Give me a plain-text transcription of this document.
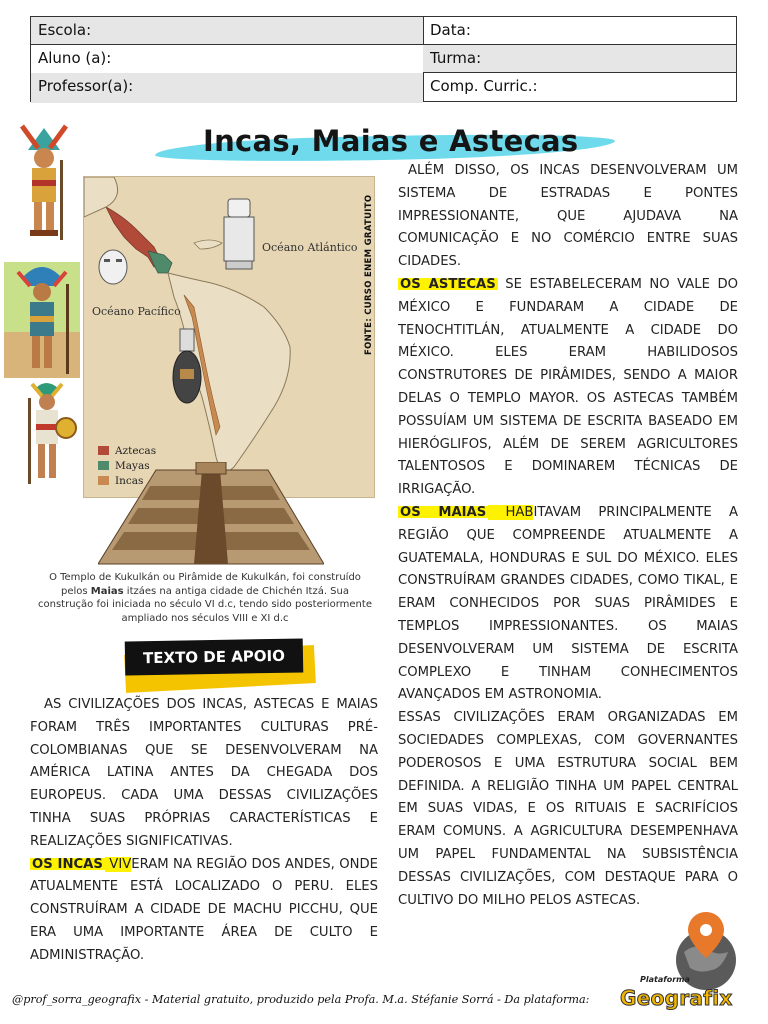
Escola:
Aluno (a):
Professor(a):
Data:
Turma:
Comp. Curric.:
Incas, Maias e Astecas
Océano Atlántico
Océano Pacífico
Aztecas
Mayas
Incas
FONTE: CURSO ENEM GRATUITO
O Templo de Kukulkán ou Pirâmide de Kukulkán, foi construído pelos Maias itzáes na antiga cidade de Chichén Itzá. Sua construção foi iniciada no século VI d.c, tendo sido posteriormente ampliado nos séculos VIII e XI d.c
TEXTO DE APOIO

AS CIVILIZAÇÕES DOS INCAS, ASTECAS E MAIAS FORAM TRÊS IMPORTANTES CULTURAS PRÉ-COLOMBIANAS QUE SE DESENVOLVERAM NA AMÉRICA LATINA ANTES DA CHEGADA DOS EUROPEUS. CADA UMA DESSAS CIVILIZAÇÕES TINHA SUAS PRÓPRIAS CARACTERÍSTICAS E REALIZAÇÕES SIGNIFICATIVAS.

OS INCAS VIVERAM NA REGIÃO DOS ANDES, ONDE ATUALMENTE ESTÁ LOCALIZADO O PERU. ELES CONSTRUÍRAM A CIDADE DE MACHU PICCHU, QUE ERA UMA IMPORTANTE ÁREA DE CULTO E ADMINISTRAÇÃO.

ALÉM DISSO, OS INCAS DESENVOLVERAM UM SISTEMA DE ESTRADAS E PONTES IMPRESSIONANTE, QUE AJUDAVA NA COMUNICAÇÃO E NO COMÉRCIO ENTRE SUAS CIDADES.

OS ASTECAS SE ESTABELECERAM NO VALE DO MÉXICO E FUNDARAM A CIDADE DE TENOCHTITLÁN, ATUALMENTE A CIDADE DO MÉXICO. ELES ERAM HABILIDOSOS CONSTRUTORES DE PIRÂMIDES, SENDO A MAIOR DELAS O TEMPLO MAYOR. OS ASTECAS TAMBÉM POSSUÍAM UM SISTEMA DE ESCRITA BASEADO EM HIERÓGLIFOS, ALÉM DE SEREM AGRICULTORES TALENTOSOS E DOMINAREM TÉCNICAS DE IRRIGAÇÃO.

OS MAIAS HABITAVAM PRINCIPALMENTE A REGIÃO QUE COMPREENDE ATUALMENTE A GUATEMALA, HONDURAS E SUL DO MÉXICO. ELES CONSTRUÍRAM GRANDES CIDADES, COMO TIKAL, E ERAM CONHECIDOS POR SUAS PIRÂMIDES E TEMPLOS IMPRESSIONANTES. OS MAIAS DESENVOLVERAM UM SISTEMA DE ESCRITA COMPLEXO E TINHAM CONHECIMENTOS AVANÇADOS EM ASTRONOMIA.

ESSAS CIVILIZAÇÕES ERAM ORGANIZADAS EM SOCIEDADES COMPLEXAS, COM GOVERNANTES PODEROSOS E UMA ESTRUTURA SOCIAL BEM DEFINIDA. A RELIGIÃO TINHA UM PAPEL CENTRAL EM SUAS VIDAS, E OS RITUAIS E SACRIFÍCIOS ERAM COMUNS. A AGRICULTURA DESEMPENHAVA UM PAPEL FUNDAMENTAL NA SUBSISTÊNCIA DESSAS CIVILIZAÇÕES, COM DESTAQUE PARA O CULTIVO DO MILHO PELOS ASTECAS.

@prof_sorra_geografix - Material gratuito, produzido pela Profa. M.a. Stéfanie Sorrá - Da plataforma:
Plataforma
Geografix
